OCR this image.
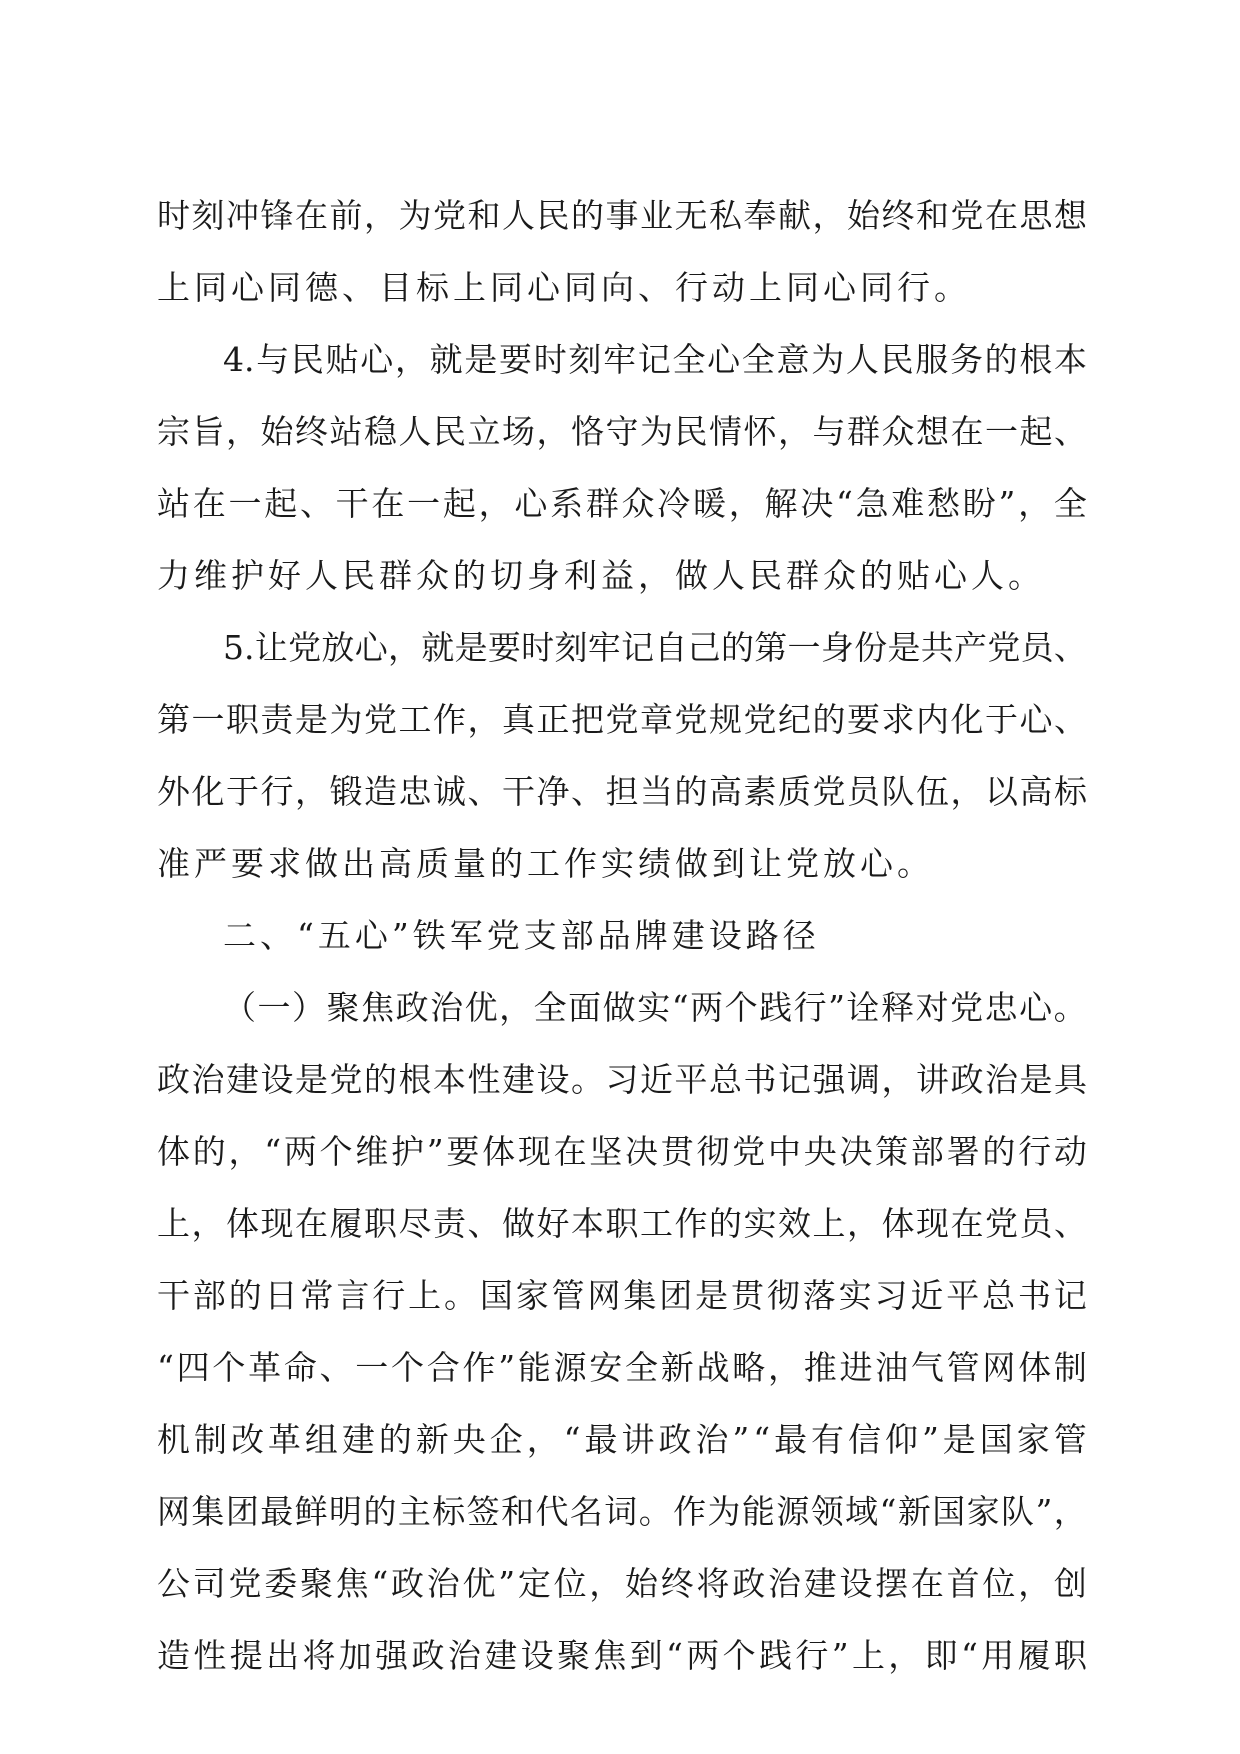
时 刻 冲 锋 在 前 ， 为 党 和 人 民 的 事 业 无 私 奉 献 ， 始 终 和 党 在 思 想
上同心同德、目标上同心同向、行动上同心同行。
4. 与 民 贴 心 ， 就 是 要 时 刻 牢 记 全 心 全 意 为 人 民 服 务 的 根 本
宗 旨 ， 始 终 站 稳 人 民 立 场 ， 恪 守 为 民 情 怀 ， 与 群 众 想 在 一 起 、
站 在 一 起 、 干 在 一 起 ， 心 系 群 众 冷 暖 ， 解 决 “ 急 难 愁 盼 ” ， 全
力维护好人民群众的切身利益，做人民群众的贴心人。
5. 让 党 放 心 ， 就 是 要 时 刻 牢 记 自 己 的 第 一 身 份 是 共 产 党 员 、
第 一 职 责 是 为 党 工 作 ， 真 正 把 党 章 党 规 党 纪 的 要 求 内 化 于 心 、
外 化 于 行 ， 锻 造 忠 诚 、 干 净 、 担 当 的 高 素 质 党 员 队 伍 ， 以 高 标
准严要求做出高质量的工作实绩做到让党放心。
二、“五心”铁军党支部品牌建设路径
（ 一 ） 聚 焦 政 治 优 ， 全 面 做 实 “ 两 个 践 行 ” 诠 释 对 党 忠 心 。
政 治 建 设 是 党 的 根 本 性 建 设 。 习 近 平 总 书 记 强 调 ， 讲 政 治 是 具
体 的 ， “ 两 个 维 护 ” 要 体 现 在 坚 决 贯 彻 党 中 央 决 策 部 署 的 行 动
上 ， 体 现 在 履 职 尽 责 、 做 好 本 职 工 作 的 实 效 上 ， 体 现 在 党 员 、
干 部 的 日 常 言 行 上 。 国 家 管 网 集 团 是 贯 彻 落 实 习 近 平 总 书 记
“ 四 个 革 命 、 一 个 合 作 ” 能 源 安 全 新 战 略 ， 推 进 油 气 管 网 体 制
机 制 改 革 组 建 的 新 央 企 ， “ 最 讲 政 治 ” “ 最 有 信 仰 ” 是 国 家 管
网 集 团 最 鲜 明 的 主 标 签 和 代 名 词 。 作 为 能 源 领 域 “ 新 国 家 队 ” ，
公 司 党 委 聚 焦 “ 政 治 优 ” 定 位 ， 始 终 将 政 治 建 设 摆 在 首 位 ， 创
造 性 提 出 将 加 强 政 治 建 设 聚 焦 到 “ 两 个 践 行 ” 上 ， 即 “ 用 履 职
